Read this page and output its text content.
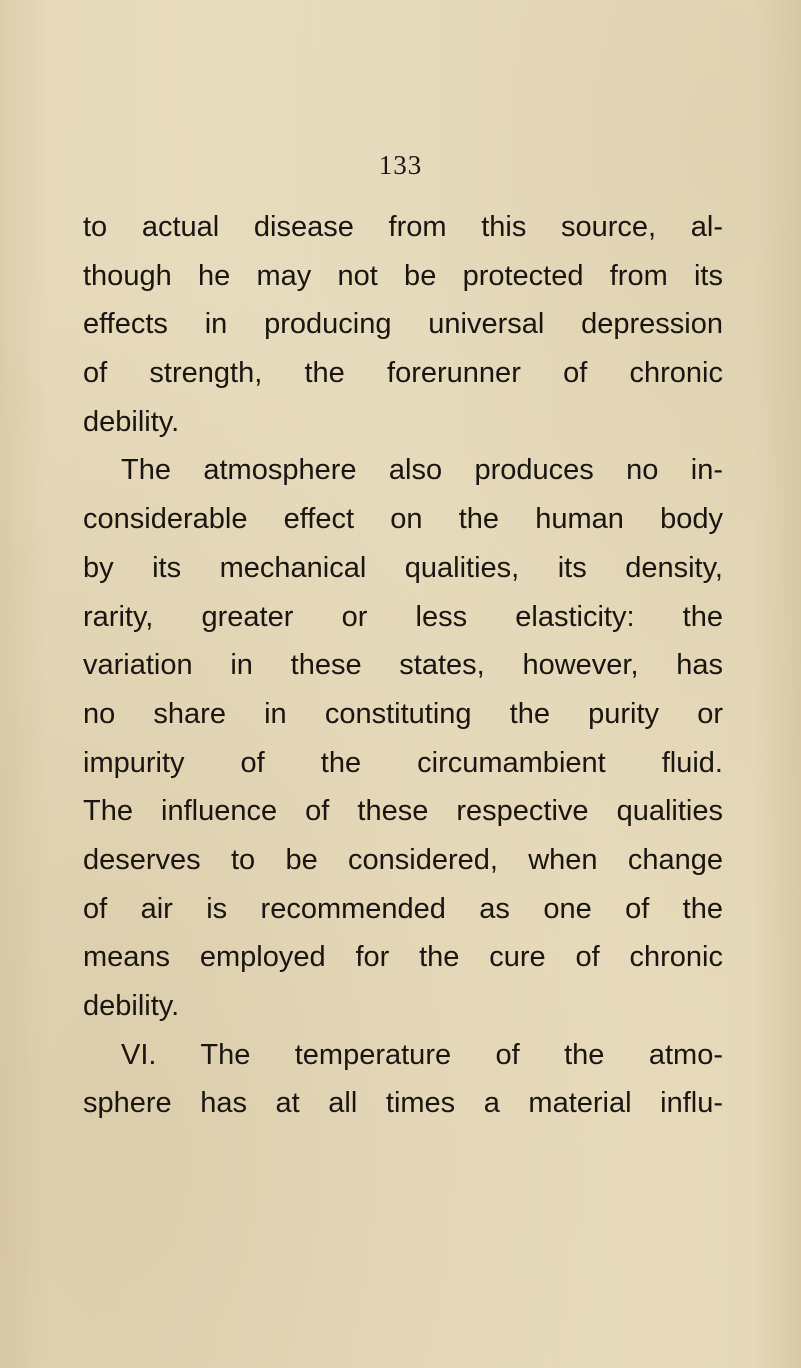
133
to actual disease from this source, al-
though he may not be protected from its
effects in producing universal depression
of strength, the forerunner of chronic
debility.
The atmosphere also produces no in-
considerable effect on the human body
by its mechanical qualities, its density,
rarity, greater or less elasticity: the
variation in these states, however, has
no share in constituting the purity or
impurity of the circumambient fluid.
The influence of these respective qualities
deserves to be considered, when change
of air is recommended as one of the
means employed for the cure of chronic
debility.
VI. The temperature of the atmo-
sphere has at all times a material influ-
